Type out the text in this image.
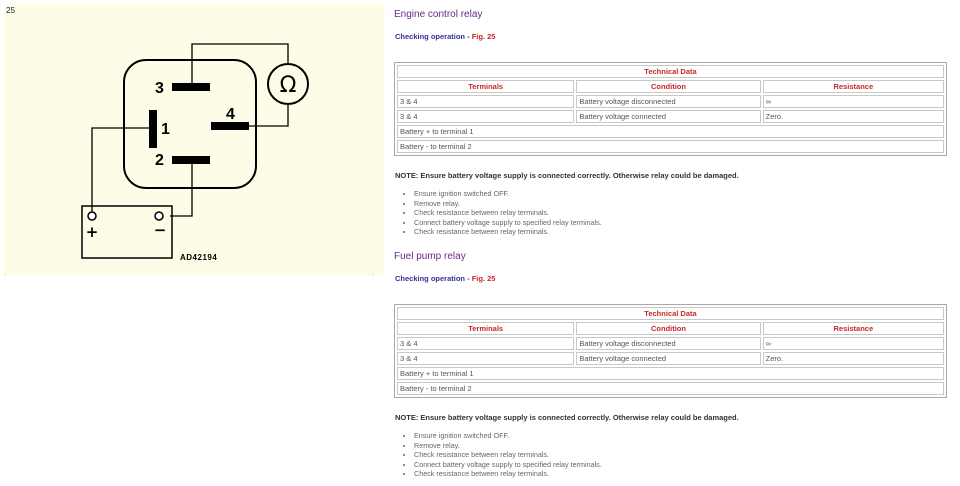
25
3
1
4
2
Ω
+	−
AD42194
.	.
Engine control relay
Checking operation - Fig. 25
Technical Data		
Terminals	Condition	Resistance
3 & 4	Battery voltage disconnected	∞
3 & 4	Battery voltage connected	Zero.
Battery + to terminal 1		
Battery - to terminal 2		
NOTE: Ensure battery voltage supply is connected correctly. Otherwise relay could be damaged.
• Ensure ignition switched OFF.
• Remove relay.
• Check resistance between relay terminals.
• Connect battery voltage supply to specified relay terminals.
• Check resistance between relay terminals.
Fuel pump relay
Checking operation - Fig. 25
Technical Data		
Terminals	Condition	Resistance
3 & 4	Battery voltage disconnected	∞
3 & 4	Battery voltage connected	Zero.
Battery + to terminal 1		
Battery - to terminal 2		
NOTE: Ensure battery voltage supply is connected correctly. Otherwise relay could be damaged.
• Ensure ignition switched OFF.
• Remove relay.
• Check resistance between relay terminals.
• Connect battery voltage supply to specified relay terminals.
• Check resistance between relay terminals.
